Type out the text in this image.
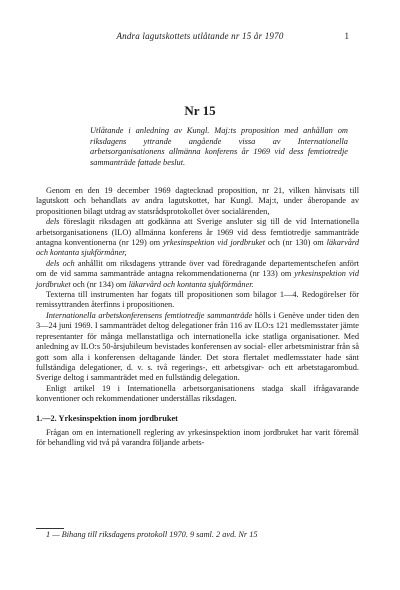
Andra lagutskottets utlåtande nr 15 år 1970	1
Nr 15
Utlåtande i anledning av Kungl. Maj:ts proposition med anhållan om riksdagens yttrande angående vissa av Internationella arbetsorganisationens allmänna konferens år 1969 vid dess femtiotredje sammanträde fattade beslut.

Genom en den 19 december 1969 dagtecknad proposition, nr 21, vilken hänvisats till lagutskott och behandlats av andra lagutskottet, har Kungl. Maj:t, under åberopande av propositionen bilagt utdrag av statsrådsprotokollet över socialärenden,

dels föreslagit riksdagen att godkänna att Sverige ansluter sig till de vid Internationella arbetsorganisationens (ILO) allmänna konferens år 1969 vid dess femtiotredje sammanträde antagna konventionerna (nr 129) om yrkesinspektion vid jordbruket och (nr 130) om läkarvård och kontanta sjukförmåner,

dels och anhållit om riksdagens yttrande över vad föredragande departementschefen anfört om de vid samma sammanträde antagna rekommendationerna (nr 133) om yrkesinspektion vid jordbruket och (nr 134) om läkarvård och kontanta sjukförmåner.

Texterna till instrumenten har fogats till propositionen som bilagor 1—4. Redogörelser för remissyttranden återfinns i propositionen.

Internationella arbetskonferensens femtiotredje sammanträde hölls i Genève under tiden den 3—24 juni 1969. I sammanträdet deltog delegationer från 116 av ILO:s 121 medlemsstater jämte representanter för många mellanstatliga och internationella icke statliga organisationer. Med anledning av ILO:s 50-årsjubileum bevistades konferensen av social- eller arbetsministrar från så gott som alla i konferensen deltagande länder. Det stora flertalet medlemsstater hade sänt fullständiga delegationer, d. v. s. två regerings-, ett arbetsgivar- och ett arbetstagarombud. Sverige deltog i sammanträdet med en fullständig delegation.

Enligt artikel 19 i Internationella arbetsorganisationens stadga skall ifrågavarande konventioner och rekommendationer underställas riksdagen.

1.—2. Yrkesinspektion inom jordbruket

Frågan om en internationell reglering av yrkesinspektion inom jordbruket har varit föremål för behandling vid två på varandra följande arbets-

1 — Bihang till riksdagens protokoll 1970. 9 saml. 2 avd. Nr 15
